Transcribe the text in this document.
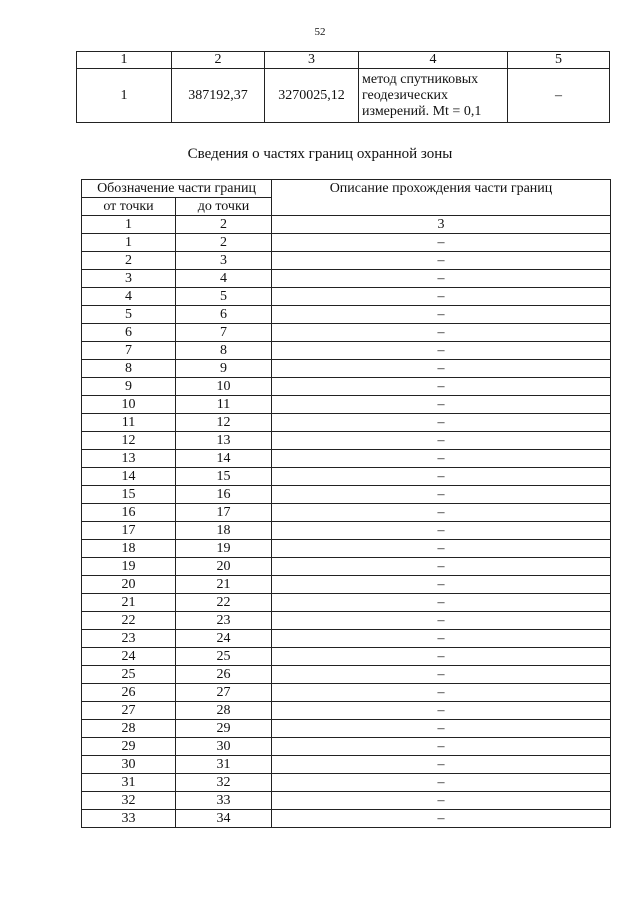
52
1	2	3	4	5
1	387192,37	3270025,12	метод спутниковых
геодезических
измерений. Mt = 0,1	–
Сведения о частях границ охранной зоны
Обозначение части границ		Описание прохождения части границ
от точки	до точки	
1	2	3
1	2	–
2	3	–
3	4	–
4	5	–
5	6	–
6	7	–
7	8	–
8	9	–
9	10	–
10	11	–
11	12	–
12	13	–
13	14	–
14	15	–
15	16	–
16	17	–
17	18	–
18	19	–
19	20	–
20	21	–
21	22	–
22	23	–
23	24	–
24	25	–
25	26	–
26	27	–
27	28	–
28	29	–
29	30	–
30	31	–
31	32	–
32	33	–
33	34	–
